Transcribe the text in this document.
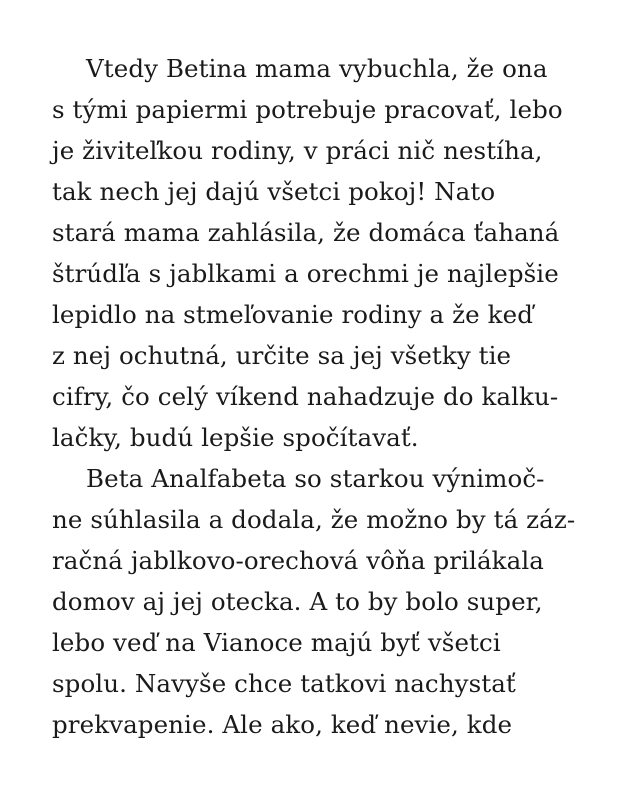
Vtedy Betina mama vybuchla, že ona
s tými papiermi potrebuje pracovať, lebo
je živiteľkou rodiny, v práci nič nestíha,
tak nech jej dajú všetci pokoj! Nato
stará mama zahlásila, že domáca ťahaná
štrúdľa s jablkami a orechmi je najlepšie
lepidlo na stmeľovanie rodiny a že keď
z nej ochutná, určite sa jej všetky tie
cifry, čo celý víkend nahadzuje do kalku-
lačky, budú lepšie spočítavať.
Beta Analfabeta so starkou výnimoč-
ne súhlasila a dodala, že možno by tá záz-
račná jablkovo-orechová vôňa prilákala
domov aj jej otecka. A to by bolo super,
lebo veď na Vianoce majú byť všetci
spolu. Navyše chce tatkovi nachystať
prekvapenie. Ale ako, keď nevie, kde
